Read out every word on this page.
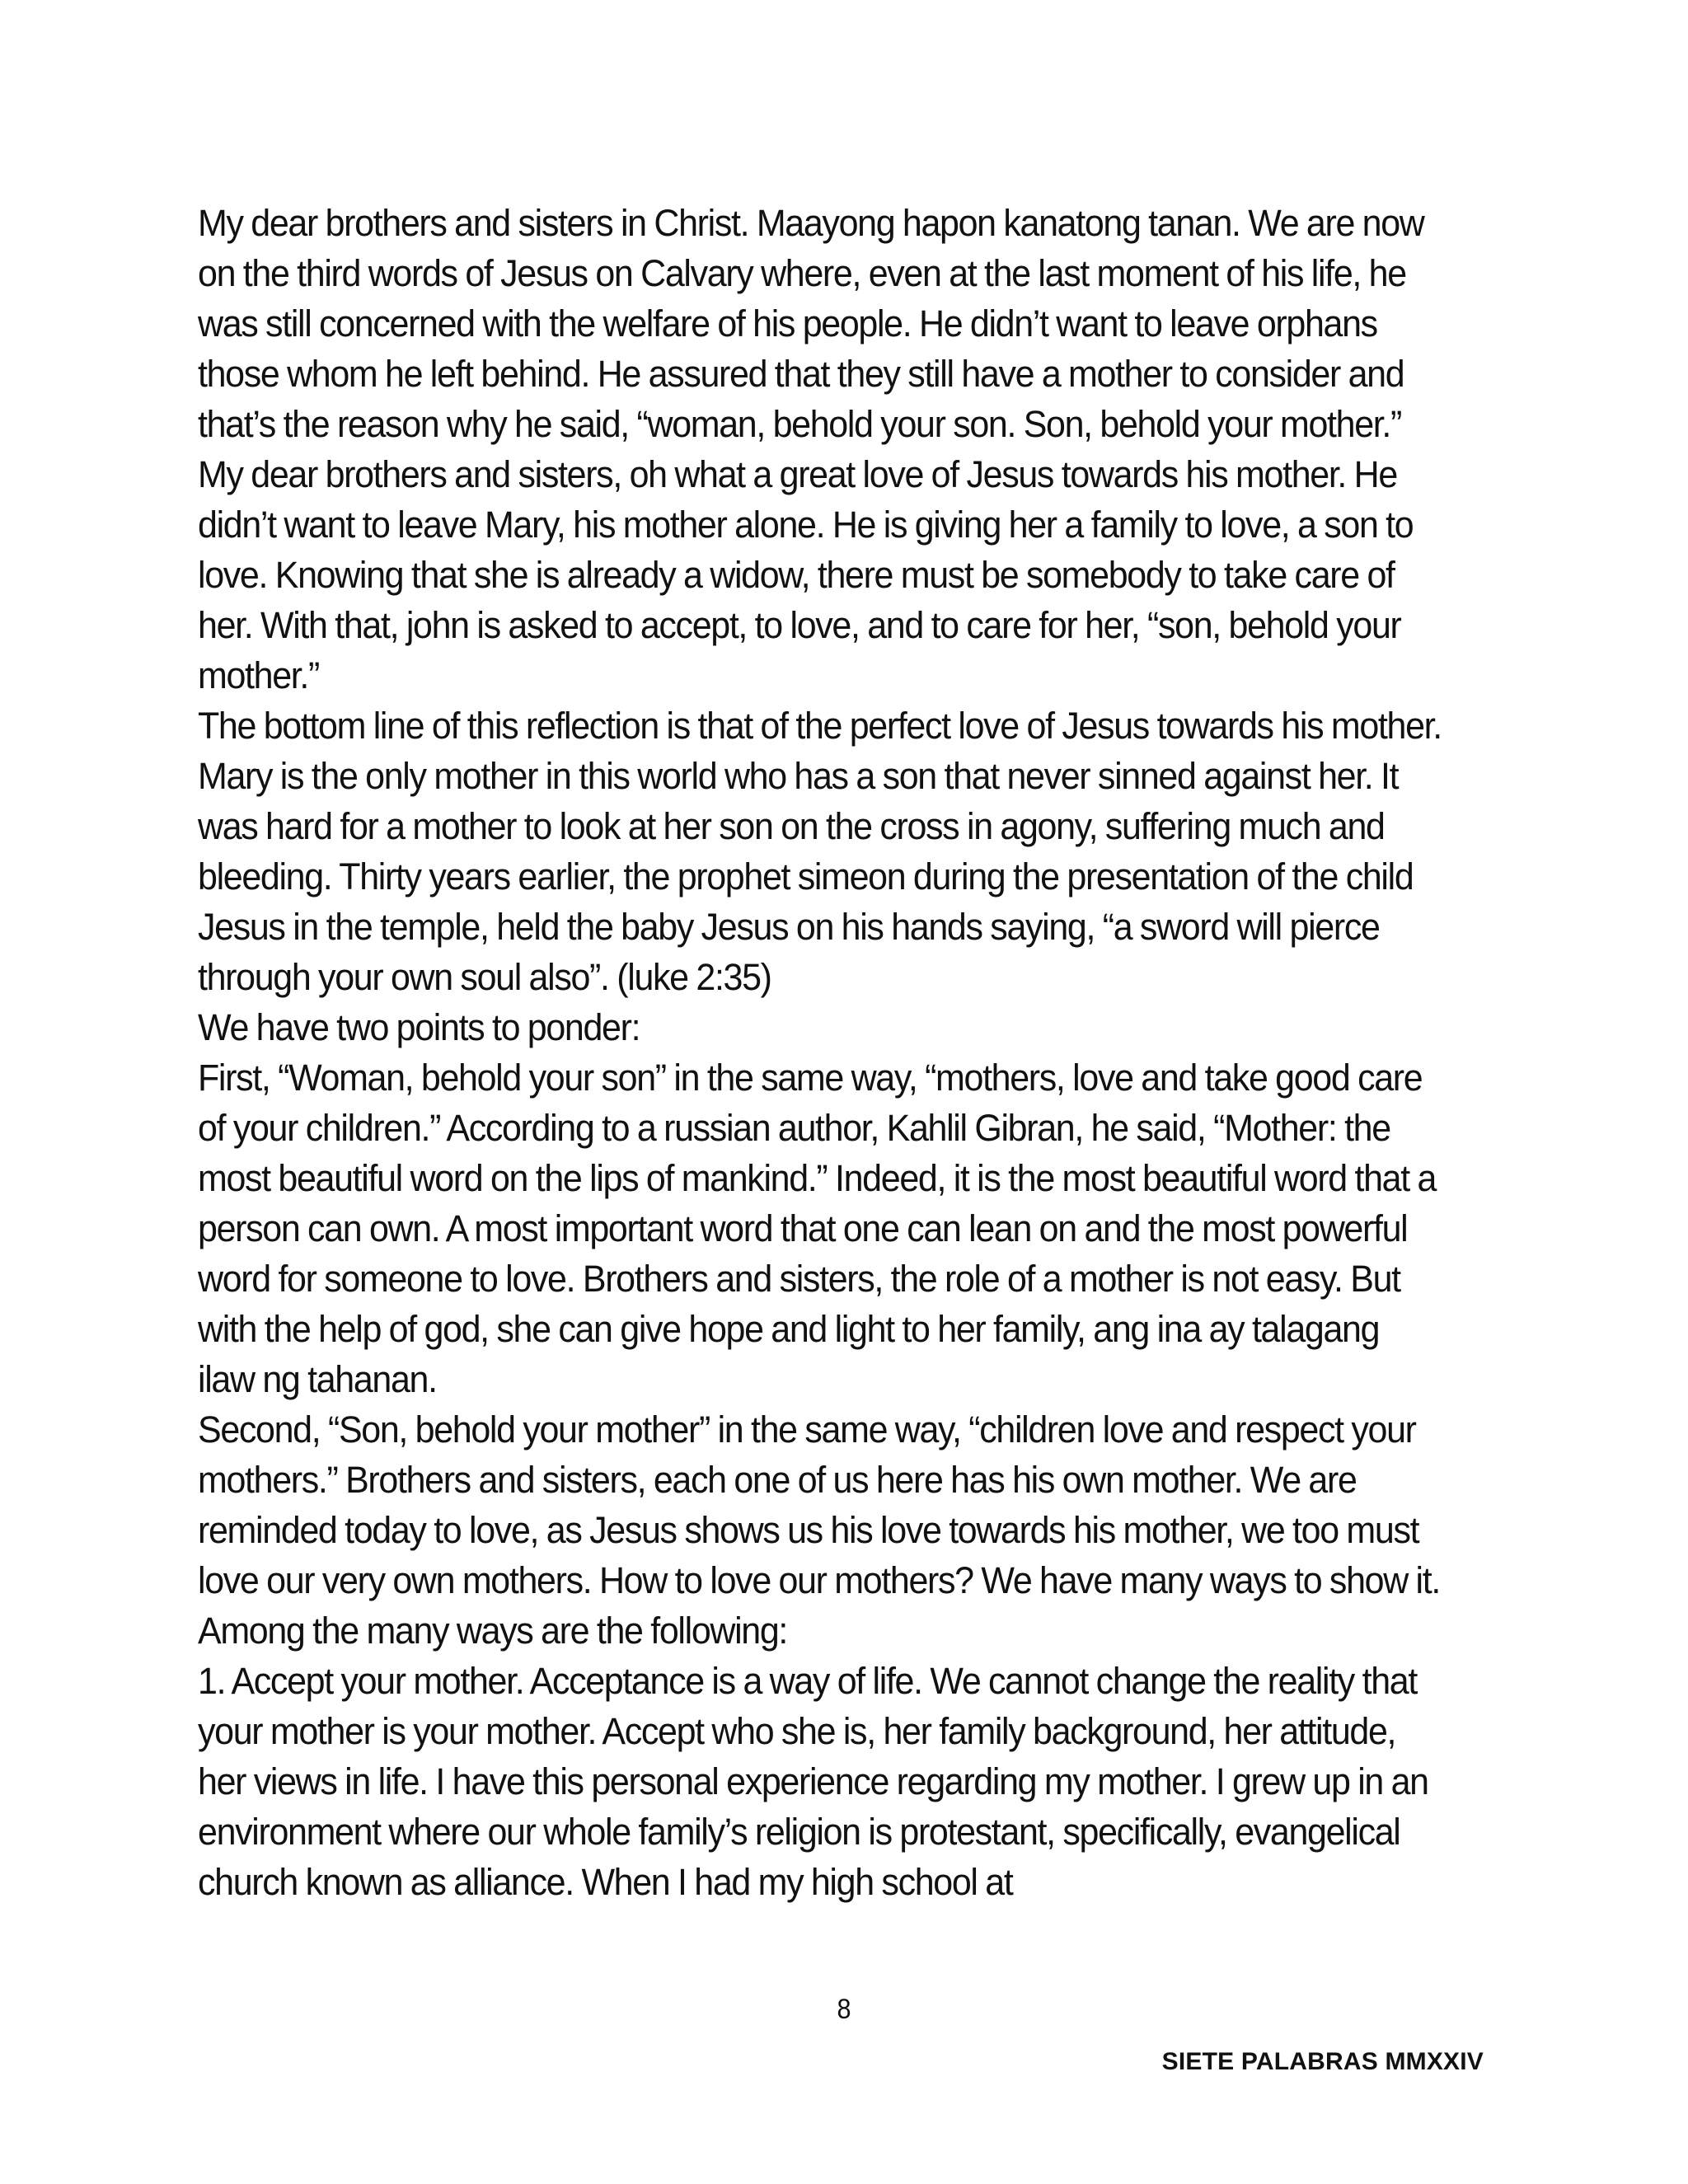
My dear brothers and sisters in Christ. Maayong hapon kanatong tanan. We are now on the third words of Jesus on Calvary where, even at the last moment of his life, he was still concerned with the welfare of his people. He didn’t want to leave orphans those whom he left behind. He assured that they still have a mother to consider and that’s the reason why he said, “woman, behold your son. Son, behold your mother.”

My dear brothers and sisters, oh what a great love of Jesus towards his mother. He didn’t want to leave Mary, his mother alone. He is giving her a family to love, a son to love. Knowing that she is already a widow, there must be somebody to take care of her. With that, john is asked to accept, to love, and to care for her, “son, behold your mother.”

The bottom line of this reflection is that of the perfect love of Jesus towards his mother. Mary is the only mother in this world who has a son that never sinned against her. It was hard for a mother to look at her son on the cross in agony, suffering much and bleeding. Thirty years earlier, the prophet simeon during the presentation of the child Jesus in the temple, held the baby Jesus on his hands saying, “a sword will pierce through your own soul also”. (luke 2:35)

We have two points to ponder:

First, “Woman, behold your son” in the same way, “mothers, love and take good care of your children.” According to a russian author, Kahlil Gibran, he said, “Mother: the most beautiful word on the lips of mankind.” Indeed, it is the most beautiful word that a person can own. A most important word that one can lean on and the most powerful word for someone to love. Brothers and sisters, the role of a mother is not easy. But with the help of god, she can give hope and light to her family, ang ina ay talagang ilaw ng tahanan.

Second, “Son, behold your mother” in the same way, “children love and respect your mothers.” Brothers and sisters, each one of us here has his own mother. We are reminded today to love, as Jesus shows us his love towards his mother, we too must love our very own mothers. How to love our mothers? We have many ways to show it. Among the many ways are the following:

1. Accept your mother. Acceptance is a way of life. We cannot change the reality that your mother is your mother. Accept who she is, her family background, her attitude, her views in life. I have this personal experience regarding my mother. I grew up in an environment where our whole family’s religion is protestant, specifically, evangelical church known as alliance. When I had my high school at

8
SIETE PALABRAS MMXXIV
